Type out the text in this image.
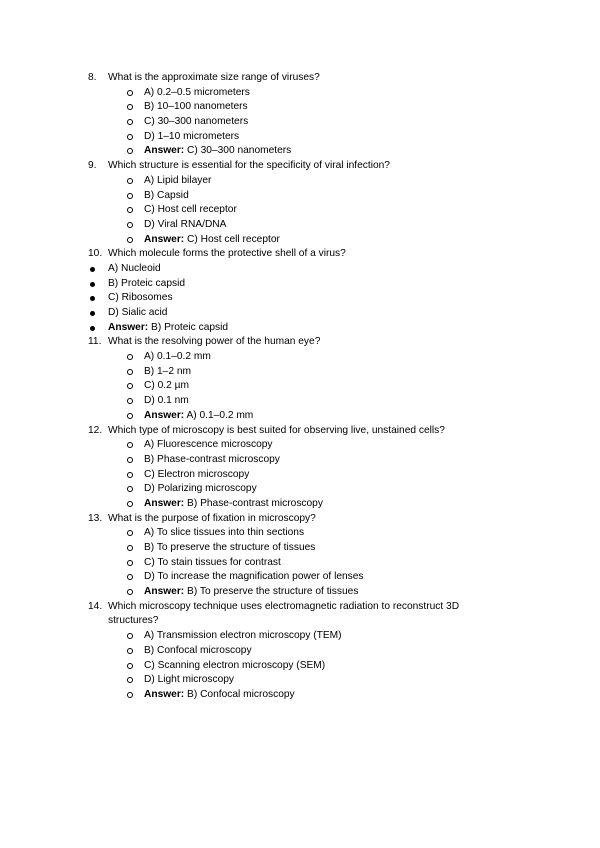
8. What is the approximate size range of viruses?
A) 0.2–0.5 micrometers
B) 10–100 nanometers
C) 30–300 nanometers
D) 1–10 micrometers
Answer: C) 30–300 nanometers
9. Which structure is essential for the specificity of viral infection?
A) Lipid bilayer
B) Capsid
C) Host cell receptor
D) Viral RNA/DNA
Answer: C) Host cell receptor
10. Which molecule forms the protective shell of a virus?
A) Nucleoid
B) Proteic capsid
C) Ribosomes
D) Sialic acid
Answer: B) Proteic capsid
11. What is the resolving power of the human eye?
A) 0.1–0.2 mm
B) 1–2 nm
C) 0.2 µm
D) 0.1 nm
Answer: A) 0.1–0.2 mm
12. Which type of microscopy is best suited for observing live, unstained cells?
A) Fluorescence microscopy
B) Phase-contrast microscopy
C) Electron microscopy
D) Polarizing microscopy
Answer: B) Phase-contrast microscopy
13. What is the purpose of fixation in microscopy?
A) To slice tissues into thin sections
B) To preserve the structure of tissues
C) To stain tissues for contrast
D) To increase the magnification power of lenses
Answer: B) To preserve the structure of tissues
14. Which microscopy technique uses electromagnetic radiation to reconstruct 3D
structures?
A) Transmission electron microscopy (TEM)
B) Confocal microscopy
C) Scanning electron microscopy (SEM)
D) Light microscopy
Answer: B) Confocal microscopy
